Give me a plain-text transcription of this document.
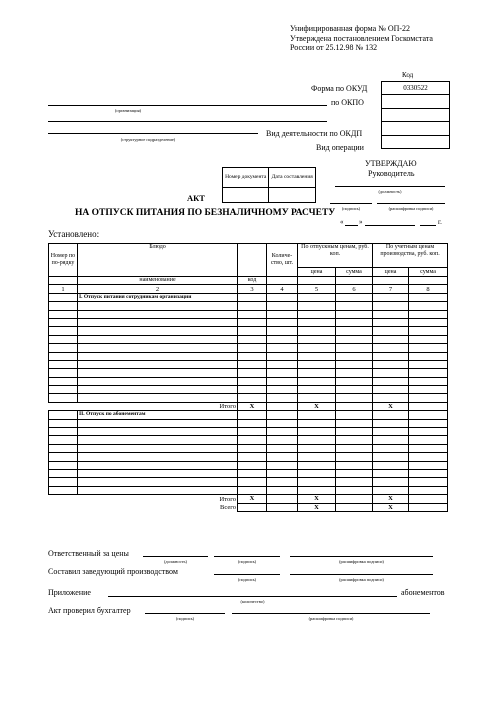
Унифицированная форма № ОП-22
Утверждена постановлением Госкомстата
России от 25.12.98 № 132

0330522

Код
Форма по ОКУД
по ОКПО
Вид деятельности по ОКДП
Вид операции
(организация)
(структурное подразделение)
УТВЕРЖДАЮ
Руководитель
(должность)
(подпись)	(расшифровка подписи)
« »	г.
Номер документа	Дата составления

АКТ
НА ОТПУСК ПИТАНИЯ ПО БЕЗНАЛИЧНОМУ РАСЧЕТУ
Установлено:
Номер по по-рядку	Блюдо		Количе-ство, шт.	По отпускным ценам, руб. коп.		По учетным ценам производства, руб. коп.	
				цена	сумма	цена	сумма
	наименование	код					
1	2	3	4	5	6	7	8
	I. Отпуск питания сотрудникам организации						

	Итого	Х		Х		Х	
	II. Отпуск по абонементам						

	Итого	Х		Х		Х	
	Всего			Х		Х	
Ответственный за цены
(должность)	(подпись)	(расшифровка подписи)
Составил заведующий производством
(подпись)	(расшифровка подписи)
Приложение
(количество)
абонементов
Акт проверил бухгалтер
(подпись)	(расшифровка подписи)
